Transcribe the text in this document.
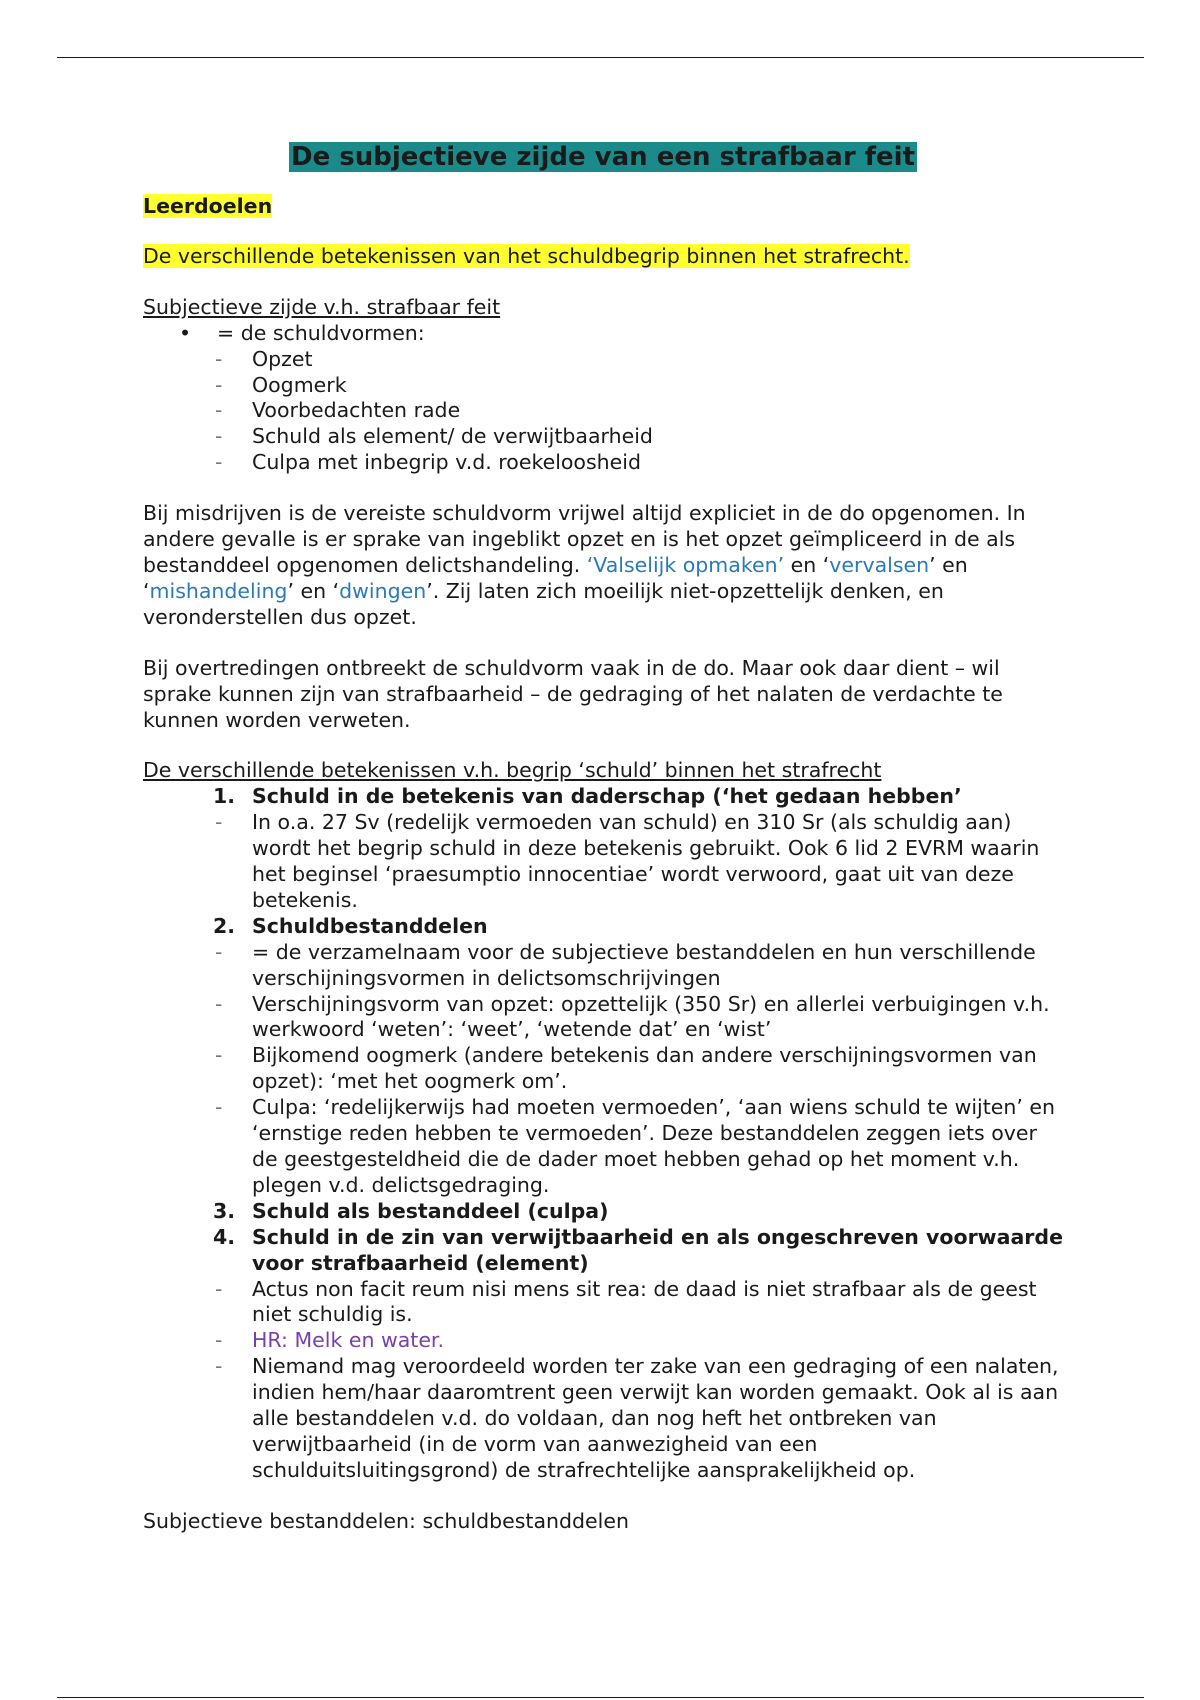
De subjectieve zijde van een strafbaar feit

Leerdoelen

De verschillende betekenissen van het schuldbegrip binnen het strafrecht.

Subjectieve zijde v.h. strafbaar feit

• = de schuldvormen:
- Opzet
- Oogmerk
- Voorbedachten rade
- Schuld als element/ de verwijtbaarheid
- Culpa met inbegrip v.d. roekeloosheid

Bij misdrijven is de vereiste schuldvorm vrijwel altijd expliciet in de do opgenomen. In andere gevalle is er sprake van ingeblikt opzet en is het opzet geïmpliceerd in de als bestanddeel opgenomen delictshandeling. ‘Valselijk opmaken’ en ‘vervalsen’ en ‘mishandeling’ en ‘dwingen’. Zij laten zich moeilijk niet-opzettelijk denken, en veronderstellen dus opzet.

Bij overtredingen ontbreekt de schuldvorm vaak in de do. Maar ook daar dient – wil sprake kunnen zijn van strafbaarheid – de gedraging of het nalaten de verdachte te kunnen worden verweten.

De verschillende betekenissen v.h. begrip ‘schuld’ binnen het strafrecht

1. Schuld in de betekenis van daderschap (‘het gedaan hebben’
- In o.a. 27 Sv (redelijk vermoeden van schuld) en 310 Sr (als schuldig aan) wordt het begrip schuld in deze betekenis gebruikt. Ook 6 lid 2 EVRM waarin het beginsel ‘praesumptio innocentiae’ wordt verwoord, gaat uit van deze betekenis.
2. Schuldbestanddelen
- = de verzamelnaam voor de subjectieve bestanddelen en hun verschillende verschijningsvormen in delictsomschrijvingen
- Verschijningsvorm van opzet: opzettelijk (350 Sr) en allerlei verbuigingen v.h. werkwoord ‘weten’: ‘weet’, ‘wetende dat’ en ‘wist’
- Bijkomend oogmerk (andere betekenis dan andere verschijningsvormen van opzet): ‘met het oogmerk om’.
- Culpa: ‘redelijkerwijs had moeten vermoeden’, ‘aan wiens schuld te wijten’ en ‘ernstige reden hebben te vermoeden’. Deze bestanddelen zeggen iets over de geestgesteldheid die de dader moet hebben gehad op het moment v.h. plegen v.d. delictsgedraging.
3. Schuld als bestanddeel (culpa)
4. Schuld in de zin van verwijtbaarheid en als ongeschreven voorwaarde voor strafbaarheid (element)
- Actus non facit reum nisi mens sit rea: de daad is niet strafbaar als de geest niet schuldig is.
- HR: Melk en water.
- Niemand mag veroordeeld worden ter zake van een gedraging of een nalaten, indien hem/haar daaromtrent geen verwijt kan worden gemaakt. Ook al is aan alle bestanddelen v.d. do voldaan, dan nog heft het ontbreken van verwijtbaarheid (in de vorm van aanwezigheid van een schulduitsluitingsgrond) de strafrechtelijke aansprakelijkheid op.

Subjectieve bestanddelen: schuldbestanddelen
